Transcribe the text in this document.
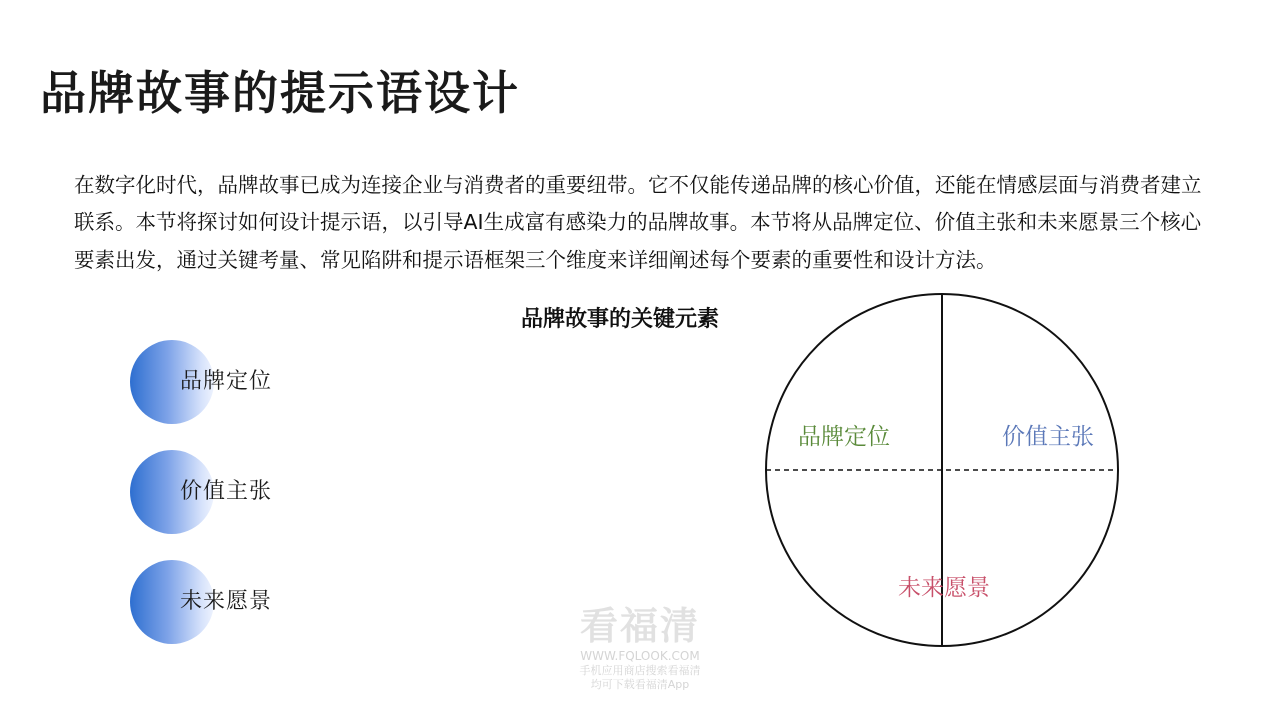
品牌故事的提示语设计

在数字化时代，品牌故事已成为连接企业与消费者的重要纽带。它不仅能传递品牌的核心价值，还能在情感层面与消费者建立联系。本节将探讨如何设计提示语，以引导AI生成富有感染力的品牌故事。本节将从品牌定位、价值主张和未来愿景三个核心要素出发，通过关键考量、常见陷阱和提示语框架三个维度来详细阐述每个要素的重要性和设计方法。

品牌故事的关键元素
品牌定位
价值主张
未来愿景
品牌定位	价值主张
未来愿景
看福清
WWW.FQLOOK.COM
手机应用商店搜索看福清
均可下载看福清App
